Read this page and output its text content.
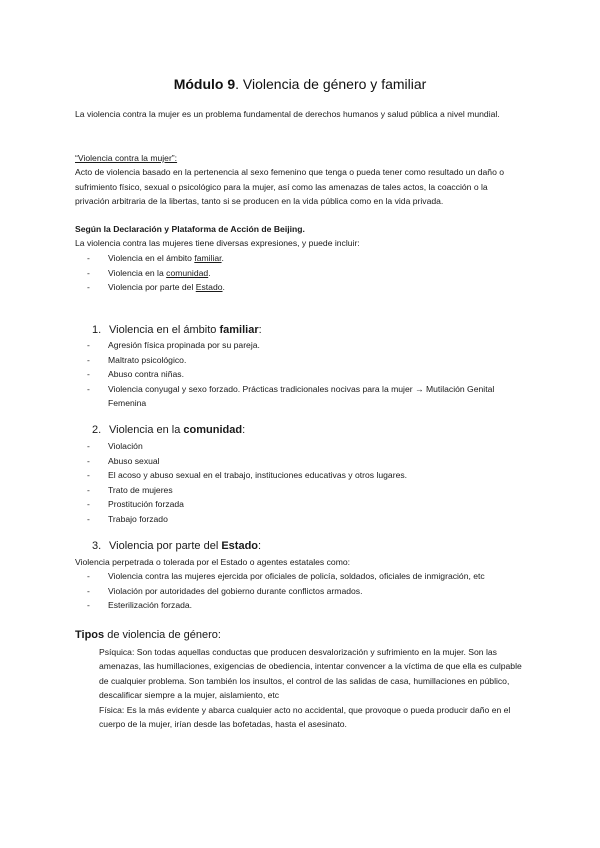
Módulo 9. Violencia de género y familiar
La violencia contra la mujer es un problema fundamental de derechos humanos y salud pública a nivel mundial.
“Violencia contra la mujer”:
Acto de violencia basado en la pertenencia al sexo femenino que tenga o pueda tener como resultado un daño o sufrimiento físico, sexual o psicológico para la mujer, así como las amenazas de tales actos, la coacción o la privación arbitraria de la libertas, tanto si se producen en la vida pública como en la vida privada.
Según la Declaración y Plataforma de Acción de Beijing.
La violencia contra las mujeres tiene diversas expresiones, y puede incluir:
- Violencia en el ámbito familiar.
- Violencia en la comunidad.
- Violencia por parte del Estado.
1. Violencia en el ámbito familiar:
- Agresión física propinada por su pareja.
- Maltrato psicológico.
- Abuso contra niñas.
- Violencia conyugal y sexo forzado. Prácticas tradicionales nocivas para la mujer → Mutilación Genital Femenina
2. Violencia en la comunidad:
- Violación
- Abuso sexual
- El acoso y abuso sexual en el trabajo, instituciones educativas y otros lugares.
- Trato de mujeres
- Prostitución forzada
- Trabajo forzado
3. Violencia por parte del Estado:
Violencia perpetrada o tolerada por el Estado o agentes estatales como:
- Violencia contra las mujeres ejercida por oficiales de policía, soldados, oficiales de inmigración, etc
- Violación por autoridades del gobierno durante conflictos armados.
- Esterilización forzada.
Tipos de violencia de género:
Psíquica: Son todas aquellas conductas que producen desvalorización y sufrimiento en la mujer. Son las amenazas, las humillaciones, exigencias de obediencia, intentar convencer a la víctima de que ella es culpable de cualquier problema. Son también los insultos, el control de las salidas de casa, humillaciones en público, descalificar siempre a la mujer, aislamiento, etc
Física: Es la más evidente y abarca cualquier acto no accidental, que provoque o pueda producir daño en el cuerpo de la mujer, irían desde las bofetadas, hasta el asesinato.
